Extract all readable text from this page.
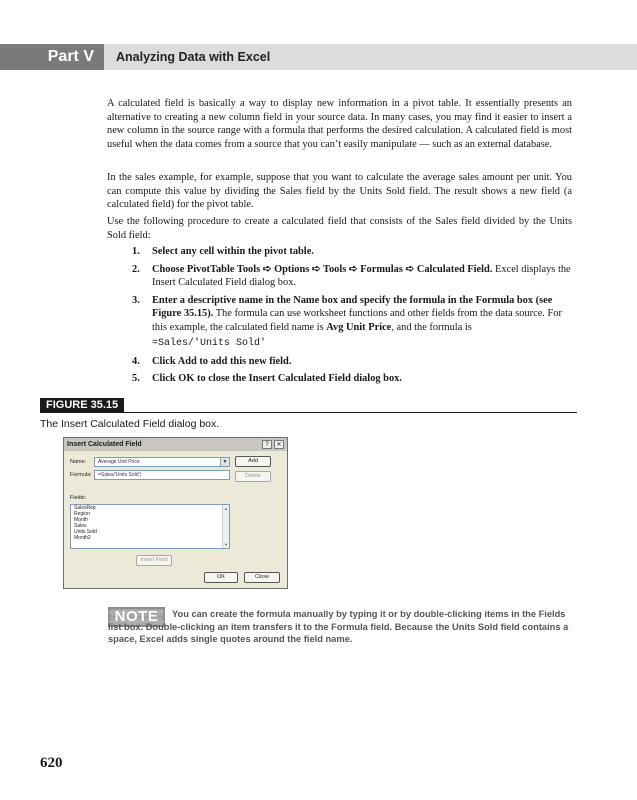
Part V	Analyzing Data with Excel

A calculated field is basically a way to display new information in a pivot table. It essentially presents an alternative to creating a new column field in your source data. In many cases, you may find it easier to insert a new column in the source range with a formula that performs the desired calculation. A calculated field is most useful when the data comes from a source that you can’t easily manipulate — such as an external database.

In the sales example, for example, suppose that you want to calculate the average sales amount per unit. You can compute this value by dividing the Sales field by the Units Sold field. The result shows a new field (a calculated field) for the pivot table.

Use the following procedure to create a calculated field that consists of the Sales field divided by the Units Sold field:

1. Select any cell within the pivot table.
2. Choose PivotTable Tools ➪ Options ➪ Tools ➪ Formulas ➪ Calculated Field. Excel displays the Insert Calculated Field dialog box.
3. Enter a descriptive name in the Name box and specify the formula in the Formula box (see Figure 35.15). The formula can use worksheet functions and other fields from the data source. For this example, the calculated field name is Avg Unit Price, and the formula is
=Sales/'Units Sold'
4. Click Add to add this new field.
5. Click OK to close the Insert Calculated Field dialog box.
FIGURE 35.15
The Insert Calculated Field dialog box.
Insert Calculated Field	?	✕
Name:	Average Unit Price	▼	Add
Formula:	=Sales/'Units Sold'|	Delete
Fields:
SalesRep
Region
Month
Sales
Units Sold
Month2
▲
▼
Insert Field
OK	Close
NOTE	You can create the formula manually by typing it or by double-clicking items in the Fields list box. Double-clicking an item transfers it to the Formula field. Because the Units Sold field contains a space, Excel adds single quotes around the field name.

620
